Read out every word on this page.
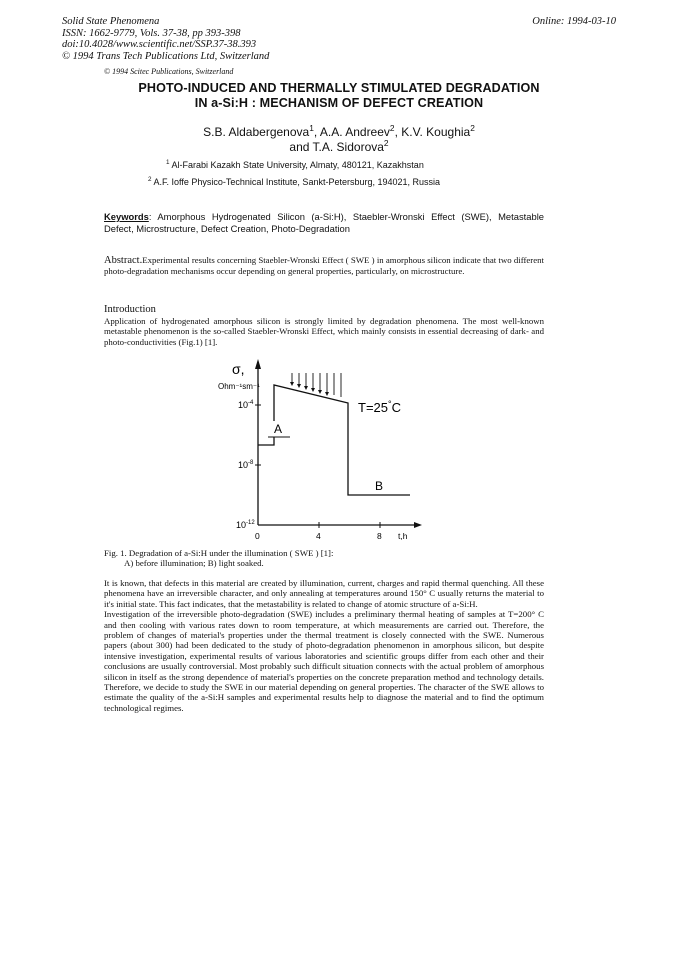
Solid State Phenomena
ISSN: 1662-9779, Vols. 37-38, pp 393-398
doi:10.4028/www.scientific.net/SSP.37-38.393
© 1994 Trans Tech Publications Ltd, Switzerland
Online: 1994-03-10
© 1994 Scitec Publications, Switzerland
PHOTO-INDUCED AND THERMALLY STIMULATED DEGRADATION
IN a-Si:H : MECHANISM OF DEFECT CREATION
S.B. Aldabergenova$^1$, A.A. Andreev$^2$, K.V. Koughia$^2$
and T.A. Sidorova$^2$
$^1$ Al-Farabi Kazakh State University, Almaty, 480121, Kazakhstan
$^2$ A.F. Ioffe Physico-Technical Institute, Sankt-Petersburg, 194021, Russia
Keywords: Amorphous Hydrogenated Silicon (a-Si:H), Staebler-Wronski Effect (SWE), Metastable Defect, Microstructure, Defect Creation, Photo-Degradation
Abstract.Experimental results concerning Staebler-Wronski Effect ( SWE ) in amorphous silicon indicate that two different photo-degradation mechanisms occur depending on general properties, particularly, on microstructure.
Introduction
Application of hydrogenated amorphous silicon is strongly limited by degradation phenomena. The most well-known metastable phenomenon is the so-called Staebler-Wronski Effect, which mainly consists in essential decreasing of dark- and photo-conductivities (Fig.1) [1].
σ,
Ohm⁻¹sm⁻¹
$10^{-4}$
$10^{-8}$
$10^{-12}$
0	4	8 t,h
A
B
T=25°C
Fig. 1. Degradation of a-Si:H under the illumination ( SWE ) [1]:
A) before illumination; B) light soaked.

It is known, that defects in this material are created by illumination, current, charges and rapid thermal quenching. All these phenomena have an irreversible character, and only annealing at temperatures around 150° C usually returns the material to it's initial state. This fact indicates, that the metastability is related to change of atomic structure of a-Si:H.

Investigation of the irreversible photo-degradation (SWE) includes a preliminary thermal heating of samples at T=200° C and then cooling with various rates down to room temperature, at which measurements are carried out. Therefore, the problem of changes of material's properties under the thermal treatment is closely connected with the SWE. Numerous papers (about 300) had been dedicated to the study of photo-degradation phenomenon in amorphous silicon, but despite intensive investigation, experimental results of various laboratories and scientific groups differ from each other and their conclusions are usually controversial. Most probably such difficult situation connects with the actual problem of amorphous silicon in itself as the strong dependence of material's properties on the concrete preparation method and technology details. Therefore, we decide to study the SWE in our material depending on general properties. The character of the SWE allows to estimate the quality of the a-Si:H samples and experimental results help to diagnose the material and to find the optimum technological regimes.
